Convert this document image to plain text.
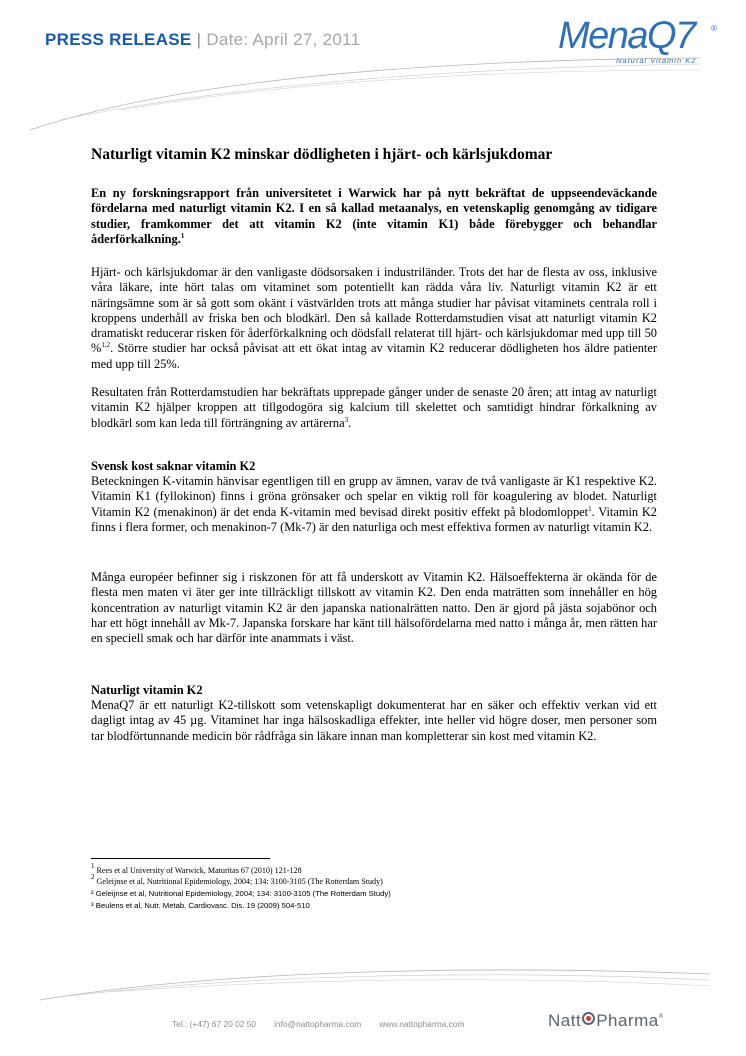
PRESS RELEASE | Date: April 27, 2011	MenaQ7 ®
Natural Vitamin K2
Naturligt vitamin K2 minskar dödligheten i hjärt- och kärlsjukdomar
En ny forskningsrapport från universitetet i Warwick har på nytt bekräftat de uppseendeväckande fördelarna med naturligt vitamin K2. I en så kallad metaanalys, en vetenskaplig genomgång av tidigare studier, framkommer det att vitamin K2 (inte vitamin K1) både förebygger och behandlar åderförkalkning.$^1$
Hjärt- och kärlsjukdomar är den vanligaste dödsorsaken i industriländer. Trots det har de flesta av oss, inklusive våra läkare, inte hört talas om vitaminet som potentiellt kan rädda våra liv. Naturligt vitamin K2 är ett näringsämne som är så gott som okänt i västvärlden trots att många studier har påvisat vitaminets centrala roll i kroppens underhåll av friska ben och blodkärl. Den så kallade Rotterdamstudien visat att naturligt vitamin K2 dramatiskt reducerar risken för åderförkalkning och dödsfall relaterat till hjärt- och kärlsjukdomar med upp till 50 %$^{1,2}$. Större studier har också påvisat att ett ökat intag av vitamin K2 reducerar dödligheten hos äldre patienter med upp till 25%.
Resultaten från Rotterdamstudien har bekräftats upprepade gånger under de senaste 20 åren; att intag av naturligt vitamin K2 hjälper kroppen att tillgodogöra sig kalcium till skelettet och samtidigt hindrar förkalkning av blodkärl som kan leda till förträngning av artärerna$^3$.
Svensk kost saknar vitamin K2
Beteckningen K-vitamin hänvisar egentligen till en grupp av ämnen, varav de två vanligaste är K1 respektive K2. Vitamin K1 (fyllokinon) finns i gröna grönsaker och spelar en viktig roll för koagulering av blodet. Naturligt Vitamin K2 (menakinon) är det enda K-vitamin med bevisad direkt positiv effekt på blodomloppet$^1$. Vitamin K2 finns i flera former, och menakinon-7 (Mk-7) är den naturliga och mest effektiva formen av naturligt vitamin K2.
Många européer befinner sig i riskzonen för att få underskott av Vitamin K2. Hälsoeffekterna är okända för de flesta men maten vi äter ger inte tillräckligt tillskott av vitamin K2. Den enda maträtten som innehåller en hög koncentration av naturligt vitamin K2 är den japanska nationalrätten natto. Den är gjord på jästa sojabönor och har ett högt innehåll av Mk-7. Japanska forskare har känt till hälsofördelarna med natto i många år, men rätten har en speciell smak och har därför inte anammats i väst.
Naturligt vitamin K2
MenaQ7 är ett naturligt K2-tillskott som vetenskapligt dokumenterat har en säker och effektiv verkan vid ett dagligt intag av 45 µg. Vitaminet har inga hälsoskadliga effekter, inte heller vid högre doser, men personer som tar blodförtunnande medicin bör rådfråga sin läkare innan man kompletterar sin kost med vitamin K2.
$^1$ Rees et al University of Warwick, Maturitas 67 (2010) 121-128
$^2$ Geleijnse et al, Nutritional Epidemiology, 2004; 134: 3100-3105 (The Rotterdam Study)
² Geleijnse et al, Nutritional Epidemiology, 2004; 134: 3100-3105 (The Rotterdam Study)
³ Beulens et al, Nutr. Metab. Cardiovasc. Dis. 19 (2009) 504-510
Tel.: (+47) 67 20 02 50 info@nattopharma.com www.nattopharma.com	Natt Pharma®
